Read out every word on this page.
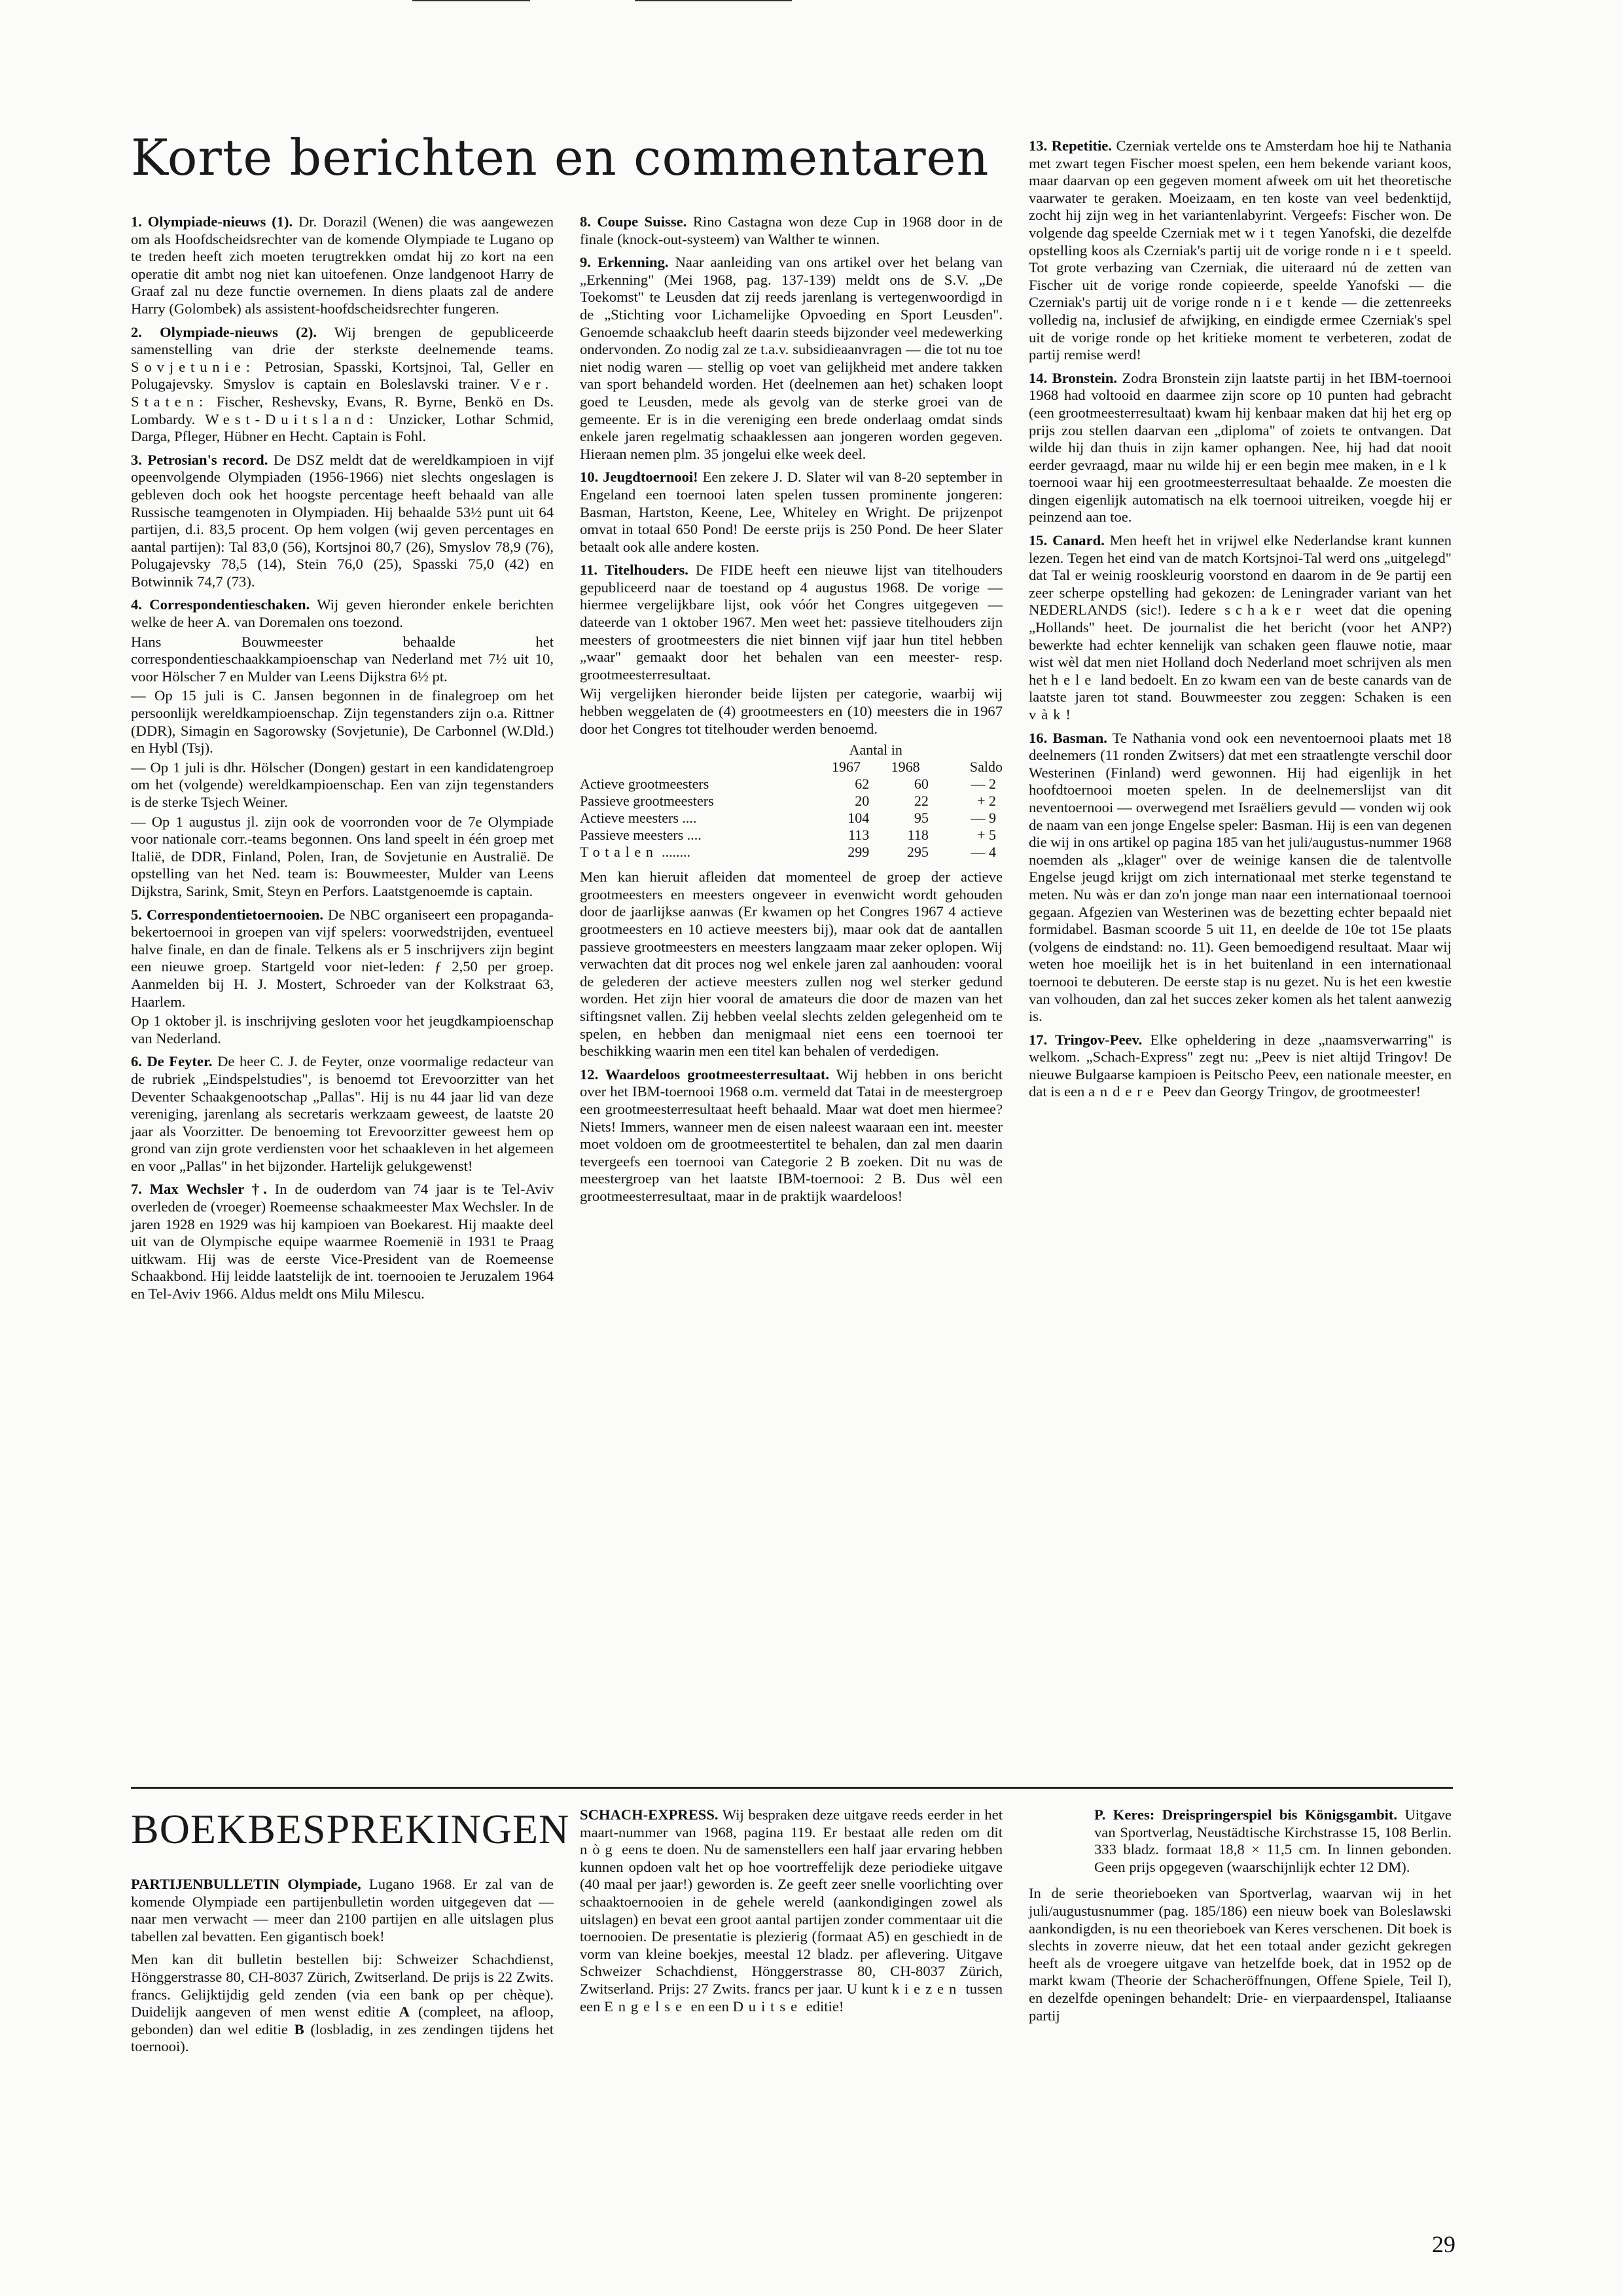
Korte berichten en commentaren

1. Olympiade-nieuws (1). Dr. Dorazil (Wenen) die was aangewezen om als Hoofdscheidsrechter van de komende Olympiade te Lugano op te treden heeft zich moeten terugtrekken omdat hij zo kort na een operatie dit ambt nog niet kan uitoefenen. Onze landgenoot Harry de Graaf zal nu deze functie overnemen. In diens plaats zal de andere Harry (Golombek) als assistent-hoofdscheidsrechter fungeren.

2. Olympiade-nieuws (2). Wij brengen de gepubliceerde samenstelling van drie der sterkste deelnemende teams. Sovjetunie: Petrosian, Spasski, Kortsjnoi, Tal, Geller en Polugajevsky. Smyslov is captain en Boleslavski trainer. Ver. Staten: Fischer, Reshevsky, Evans, R. Byrne, Benkö en Ds. Lombardy. West-Duitsland: Unzicker, Lothar Schmid, Darga, Pfleger, Hübner en Hecht. Captain is Fohl.

3. Petrosian's record. De DSZ meldt dat de wereldkampioen in vijf opeenvolgende Olympiaden (1956-1966) niet slechts ongeslagen is gebleven doch ook het hoogste percentage heeft behaald van alle Russische teamgenoten in Olympiaden. Hij behaalde 53½ punt uit 64 partijen, d.i. 83,5 procent. Op hem volgen (wij geven percentages en aantal partijen): Tal 83,0 (56), Kortsjnoi 80,7 (26), Smyslov 78,9 (76), Polugajevsky 78,5 (14), Stein 76,0 (25), Spasski 75,0 (42) en Botwinnik 74,7 (73).

4. Correspondentieschaken. Wij geven hieronder enkele berichten welke de heer A. van Doremalen ons toezond.

Hans Bouwmeester behaalde het correspondentieschaakkampioenschap van Nederland met 7½ uit 10, voor Hölscher 7 en Mulder van Leens Dijkstra 6½ pt.

— Op 15 juli is C. Jansen begonnen in de finalegroep om het persoonlijk wereldkampioenschap. Zijn tegenstanders zijn o.a. Rittner (DDR), Simagin en Sagorowsky (Sovjetunie), De Carbonnel (W.Dld.) en Hybl (Tsj).

— Op 1 juli is dhr. Hölscher (Dongen) gestart in een kandidatengroep om het (volgende) wereldkampioenschap. Een van zijn tegenstanders is de sterke Tsjech Weiner.

— Op 1 augustus jl. zijn ook de voorronden voor de 7e Olympiade voor nationale corr.-teams begonnen. Ons land speelt in één groep met Italië, de DDR, Finland, Polen, Iran, de Sovjetunie en Australië. De opstelling van het Ned. team is: Bouwmeester, Mulder van Leens Dijkstra, Sarink, Smit, Steyn en Perfors. Laatstgenoemde is captain.

5. Correspondentietoernooien. De NBC organiseert een propaganda-bekertoernooi in groepen van vijf spelers: voorwedstrijden, eventueel halve finale, en dan de finale. Telkens als er 5 inschrijvers zijn begint een nieuwe groep. Startgeld voor niet-leden: ƒ 2,50 per groep. Aanmelden bij H. J. Mostert, Schroeder van der Kolkstraat 63, Haarlem.

Op 1 oktober jl. is inschrijving gesloten voor het jeugdkampioenschap van Nederland.

6. De Feyter. De heer C. J. de Feyter, onze voormalige redacteur van de rubriek „Eindspelstudies", is benoemd tot Erevoorzitter van het Deventer Schaakgenootschap „Pallas". Hij is nu 44 jaar lid van deze vereniging, jarenlang als secretaris werkzaam geweest, de laatste 20 jaar als Voorzitter. De benoeming tot Erevoorzitter geweest hem op grond van zijn grote verdiensten voor het schaakleven in het algemeen en voor „Pallas" in het bijzonder. Hartelijk gelukgewenst!

7. Max Wechsler †. In de ouderdom van 74 jaar is te Tel-Aviv overleden de (vroeger) Roemeense schaakmeester Max Wechsler. In de jaren 1928 en 1929 was hij kampioen van Boekarest. Hij maakte deel uit van de Olympische equipe waarmee Roemenië in 1931 te Praag uitkwam. Hij was de eerste Vice-President van de Roemeense Schaakbond. Hij leidde laatstelijk de int. toernooien te Jeruzalem 1964 en Tel-Aviv 1966. Aldus meldt ons Milu Milescu.

8. Coupe Suisse. Rino Castagna won deze Cup in 1968 door in de finale (knock-out-systeem) van Walther te winnen.

9. Erkenning. Naar aanleiding van ons artikel over het belang van „Erkenning" (Mei 1968, pag. 137-139) meldt ons de S.V. „De Toekomst" te Leusden dat zij reeds jarenlang is vertegenwoordigd in de „Stichting voor Lichamelijke Opvoeding en Sport Leusden". Genoemde schaakclub heeft daarin steeds bijzonder veel medewerking ondervonden. Zo nodig zal ze t.a.v. subsidieaanvragen — die tot nu toe niet nodig waren — stellig op voet van gelijkheid met andere takken van sport behandeld worden. Het (deelnemen aan het) schaken loopt goed te Leusden, mede als gevolg van de sterke groei van de gemeente. Er is in die vereniging een brede onderlaag omdat sinds enkele jaren regelmatig schaaklessen aan jongeren worden gegeven. Hieraan nemen plm. 35 jongelui elke week deel.

10. Jeugdtoernooi! Een zekere J. D. Slater wil van 8-20 september in Engeland een toernooi laten spelen tussen prominente jongeren: Basman, Hartston, Keene, Lee, Whiteley en Wright. De prijzenpot omvat in totaal 650 Pond! De eerste prijs is 250 Pond. De heer Slater betaalt ook alle andere kosten.

11. Titelhouders. De FIDE heeft een nieuwe lijst van titelhouders gepubliceerd naar de toestand op 4 augustus 1968. De vorige — hiermee vergelijkbare lijst, ook vóór het Congres uitgegeven — dateerde van 1 oktober 1967. Men weet het: passieve titelhouders zijn meesters of grootmeesters die niet binnen vijf jaar hun titel hebben „waar" gemaakt door het behalen van een meester- resp. grootmeesterresultaat.

Wij vergelijken hieronder beide lijsten per categorie, waarbij wij hebben weggelaten de (4) grootmeesters en (10) meesters die in 1967 door het Congres tot titelhouder werden benoemd.

	Aantal in		
	1967	1968	Saldo
Actieve grootmeesters	62	60	— 2
Passieve grootmeesters	20	22	+ 2
Actieve meesters ....	104	95	— 9
Passieve meesters ....	113	118	+ 5
Totalen ........	299	295	— 4

Men kan hieruit afleiden dat momenteel de groep der actieve grootmeesters en meesters ongeveer in evenwicht wordt gehouden door de jaarlijkse aanwas (Er kwamen op het Congres 1967 4 actieve grootmeesters en 10 actieve meesters bij), maar ook dat de aantallen passieve grootmeesters en meesters langzaam maar zeker oplopen. Wij verwachten dat dit proces nog wel enkele jaren zal aanhouden: vooral de gelederen der actieve meesters zullen nog wel sterker gedund worden. Het zijn hier vooral de amateurs die door de mazen van het siftingsnet vallen. Zij hebben veelal slechts zelden gelegenheid om te spelen, en hebben dan menigmaal niet eens een toernooi ter beschikking waarin men een titel kan behalen of verdedigen.

12. Waardeloos grootmeesterresultaat. Wij hebben in ons bericht over het IBM-toernooi 1968 o.m. vermeld dat Tatai in de meestergroep een grootmeesterresultaat heeft behaald. Maar wat doet men hiermee? Niets! Immers, wanneer men de eisen naleest waaraan een int. meester moet voldoen om de grootmeestertitel te behalen, dan zal men daarin tevergeefs een toernooi van Categorie 2 B zoeken. Dit nu was de meestergroep van het laatste IBM-toernooi: 2 B. Dus wèl een grootmeesterresultaat, maar in de praktijk waardeloos!

13. Repetitie. Czerniak vertelde ons te Amsterdam hoe hij te Nathania met zwart tegen Fischer moest spelen, een hem bekende variant koos, maar daarvan op een gegeven moment afweek om uit het theoretische vaarwater te geraken. Moeizaam, en ten koste van veel bedenktijd, zocht hij zijn weg in het variantenlabyrint. Vergeefs: Fischer won. De volgende dag speelde Czerniak met wit tegen Yanofski, die dezelfde opstelling koos als Czerniak's partij uit de vorige ronde niet speeld. Tot grote verbazing van Czerniak, die uiteraard nú de zetten van Fischer uit de vorige ronde copieerde, speelde Yanofski — die Czerniak's partij uit de vorige ronde niet kende — die zettenreeks volledig na, inclusief de afwijking, en eindigde ermee Czerniak's spel uit de vorige ronde op het kritieke moment te verbeteren, zodat de partij remise werd!

14. Bronstein. Zodra Bronstein zijn laatste partij in het IBM-toernooi 1968 had voltooid en daarmee zijn score op 10 punten had gebracht (een grootmeesterresultaat) kwam hij kenbaar maken dat hij het erg op prijs zou stellen daarvan een „diploma" of zoiets te ontvangen. Dat wilde hij dan thuis in zijn kamer ophangen. Nee, hij had dat nooit eerder gevraagd, maar nu wilde hij er een begin mee maken, in elk toernooi waar hij een grootmeesterresultaat behaalde. Ze moesten die dingen eigenlijk automatisch na elk toernooi uitreiken, voegde hij er peinzend aan toe.

15. Canard. Men heeft het in vrijwel elke Nederlandse krant kunnen lezen. Tegen het eind van de match Kortsjnoi-Tal werd ons „uitgelegd" dat Tal er weinig rooskleurig voorstond en daarom in de 9e partij een zeer scherpe opstelling had gekozen: de Leningrader variant van het NEDERLANDS (sic!). Iedere schaker weet dat die opening „Hollands" heet. De journalist die het bericht (voor het ANP?) bewerkte had echter kennelijk van schaken geen flauwe notie, maar wist wèl dat men niet Holland doch Nederland moet schrijven als men het hele land bedoelt. En zo kwam een van de beste canards van de laatste jaren tot stand. Bouwmeester zou zeggen: Schaken is een vàk!

16. Basman. Te Nathania vond ook een neventoernooi plaats met 18 deelnemers (11 ronden Zwitsers) dat met een straatlengte verschil door Westerinen (Finland) werd gewonnen. Hij had eigenlijk in het hoofdtoernooi moeten spelen. In de deelnemerslijst van dit neventoernooi — overwegend met Israëliers gevuld — vonden wij ook de naam van een jonge Engelse speler: Basman. Hij is een van degenen die wij in ons artikel op pagina 185 van het juli/augustus-nummer 1968 noemden als „klager" over de weinige kansen die de talentvolle Engelse jeugd krijgt om zich internationaal met sterke tegenstand te meten. Nu wàs er dan zo'n jonge man naar een internationaal toernooi gegaan. Afgezien van Westerinen was de bezetting echter bepaald niet formidabel. Basman scoorde 5 uit 11, en deelde de 10e tot 15e plaats (volgens de eindstand: no. 11). Geen bemoedigend resultaat. Maar wij weten hoe moeilijk het is in het buitenland in een internationaal toernooi te debuteren. De eerste stap is nu gezet. Nu is het een kwestie van volhouden, dan zal het succes zeker komen als het talent aanwezig is.

17. Tringov-Peev. Elke opheldering in deze „naamsverwarring" is welkom. „Schach-Express" zegt nu: „Peev is niet altijd Tringov! De nieuwe Bulgaarse kampioen is Peitscho Peev, een nationale meester, en dat is een andere Peev dan Georgy Tringov, de grootmeester!

BOEKBESPREKINGEN

PARTIJENBULLETIN Olympiade, Lugano 1968. Er zal van de komende Olympiade een partijenbulletin worden uitgegeven dat — naar men verwacht — meer dan 2100 partijen en alle uitslagen plus tabellen zal bevatten. Een gigantisch boek!

Men kan dit bulletin bestellen bij: Schweizer Schachdienst, Hönggerstrasse 80, CH-8037 Zürich, Zwitserland. De prijs is 22 Zwits. francs. Gelijktijdig geld zenden (via een bank op per chèque). Duidelijk aangeven of men wenst editie A (compleet, na afloop, gebonden) dan wel editie B (losbladig, in zes zendingen tijdens het toernooi).

SCHACH-EXPRESS. Wij bespraken deze uitgave reeds eerder in het maart-nummer van 1968, pagina 119. Er bestaat alle reden om dit nòg eens te doen. Nu de samenstellers een half jaar ervaring hebben kunnen opdoen valt het op hoe voortreffelijk deze periodieke uitgave (40 maal per jaar!) geworden is. Ze geeft zeer snelle voorlichting over schaaktoernooien in de gehele wereld (aankondigingen zowel als uitslagen) en bevat een groot aantal partijen zonder commentaar uit die toernooien. De presentatie is plezierig (formaat A5) en geschiedt in de vorm van kleine boekjes, meestal 12 bladz. per aflevering. Uitgave Schweizer Schachdienst, Hönggerstrasse 80, CH-8037 Zürich, Zwitserland. Prijs: 27 Zwits. francs per jaar. U kunt kiezen tussen een Engelse en een Duitse editie!

P. Keres: Dreispringerspiel bis Königsgambit. Uitgave van Sportverlag, Neustädtische Kirchstrasse 15, 108 Berlin. 333 bladz. formaat 18,8 × 11,5 cm. In linnen gebonden. Geen prijs opgegeven (waarschijnlijk echter 12 DM).

In de serie theorieboeken van Sportverlag, waarvan wij in het juli/augustusnummer (pag. 185/186) een nieuw boek van Boleslawski aankondigden, is nu een theorieboek van Keres verschenen. Dit boek is slechts in zoverre nieuw, dat het een totaal ander gezicht gekregen heeft als de vroegere uitgave van hetzelfde boek, dat in 1952 op de markt kwam (Theorie der Schacheröffnungen, Offene Spiele, Teil I), en dezelfde openingen behandelt: Drie- en vierpaardenspel, Italiaanse partij

29
